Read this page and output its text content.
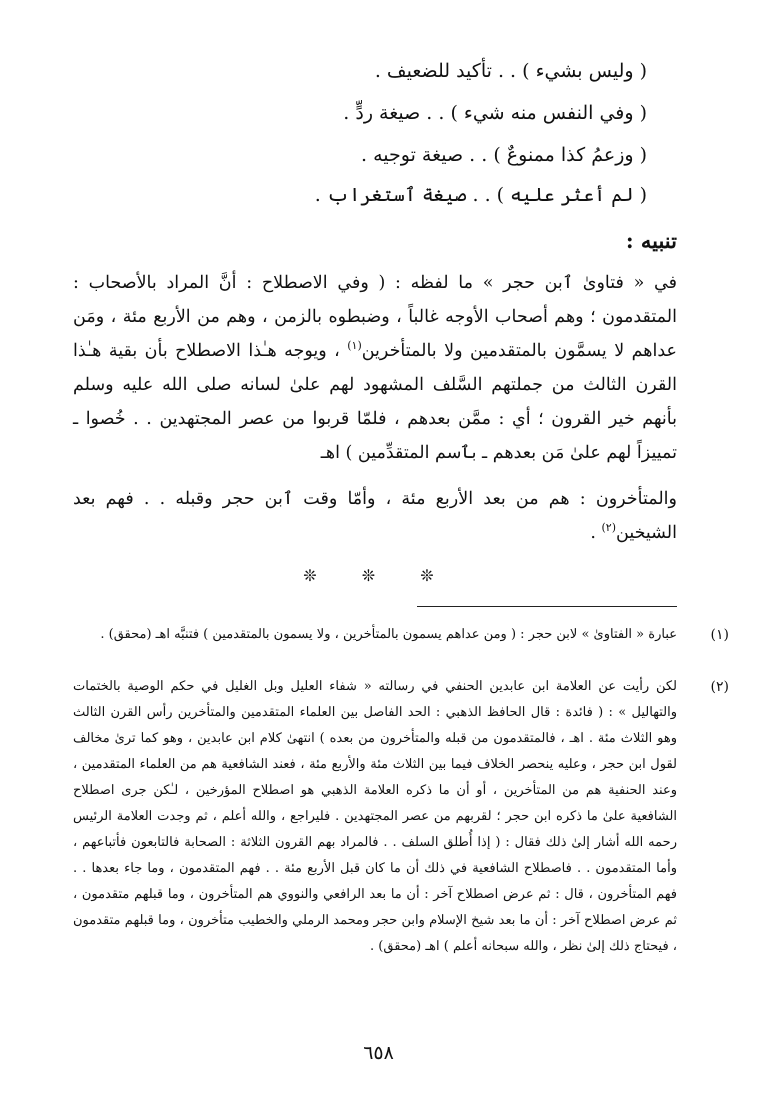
( وليس بشيء ) . . تأكيد للضعيف .
( وفي النفس منه شيء ) . . صيغة ردٍّ .
( وزعمُ كذا ممنوعٌ ) . . صيغة توجيه .
( لم أعثر عليه ) . . صيغة ٱستغراب .
تنبيه :
في « فتاوىٰ ٱبن حجر » ما لفظه : ( وفي الاصطلاح : أنَّ المراد بالأصحاب : المتقدمون ؛ وهم أصحاب الأوجه غالباً ، وضبطوه بالزمن ، وهم من الأربع مئة ، ومَن عداهم لا يسمَّون بالمتقدمين ولا بالمتأخرين$^{(١)}$ ، ويوجه هـٰذا الاصطلاح بأن بقية هـٰذا القرن الثالث من جملتهم السَّلف المشهود لهم علىٰ لسانه صلى الله عليه وسلم بأنهم خير القرون ؛ أي : ممَّن بعدهم ، فلمّا قربوا من عصر المجتهدين . . خُصوا ـ تمييزاً لهم علىٰ مَن بعدهم ـ بٱسم المتقدِّمين ) اهـ
والمتأخرون : هم من بعد الأربع مئة ، وأمّا وقت ٱبن حجر وقبله . . فهم بعد الشيخين$^{(٢)}$ .
❊ ❊ ❊
(١)
عبارة « الفتاوىٰ » لابن حجر : ( ومن عداهم يسمون بالمتأخرين ، ولا يسمون بالمتقدمين ) فتنبَّه اهـ (محقق) .
(٢)
لكن رأيت عن العلامة ابن عابدين الحنفي في رسالته « شفاء العليل وبل الغليل في حكم الوصية بالختمات والتهاليل » : ( فائدة : قال الحافظ الذهبي : الحد الفاصل بين العلماء المتقدمين والمتأخرين رأس القرن الثالث وهو الثلاث مئة . اهـ ، فالمتقدمون من قبله والمتأخرون من بعده ) انتهىٰ كلام ابن عابدين ، وهو كما ترىٰ مخالف لقول ابن حجر ، وعليه ينحصر الخلاف فيما بين الثلاث مئة والأربع مئة ، فعند الشافعية هم من العلماء المتقدمين ، وعند الحنفية هم من المتأخرين ، أو أن ما ذكره العلامة الذهبي هو اصطلاح المؤرخين ، لـٰكن جرى اصطلاح الشافعية علىٰ ما ذكره ابن حجر ؛ لقربهم من عصر المجتهدين . فليراجع ، والله أعلم ، ثم وجدت العلامة الرئيس رحمه الله أشار إلىٰ ذلك فقال : ( إذا أُطلق السلف . . فالمراد بهم القرون الثلاثة : الصحابة فالتابعون فأتباعهم ، وأما المتقدمون . . فاصطلاح الشافعية في ذلك أن ما كان قبل الأربع مئة . . فهم المتقدمون ، وما جاء بعدها . . فهم المتأخرون ، قال : ثم عرض اصطلاح آخر : أن ما بعد الرافعي والنووي هم المتأخرون ، وما قبلهم متقدمون ، ثم عرض اصطلاح آخر : أن ما بعد شيخ الإسلام وابن حجر ومحمد الرملي والخطيب متأخرون ، وما قبلهم متقدمون ، فيحتاج ذلك إلىٰ نظر ، والله سبحانه أعلم ) اهـ (محقق) .
٦٥٨
